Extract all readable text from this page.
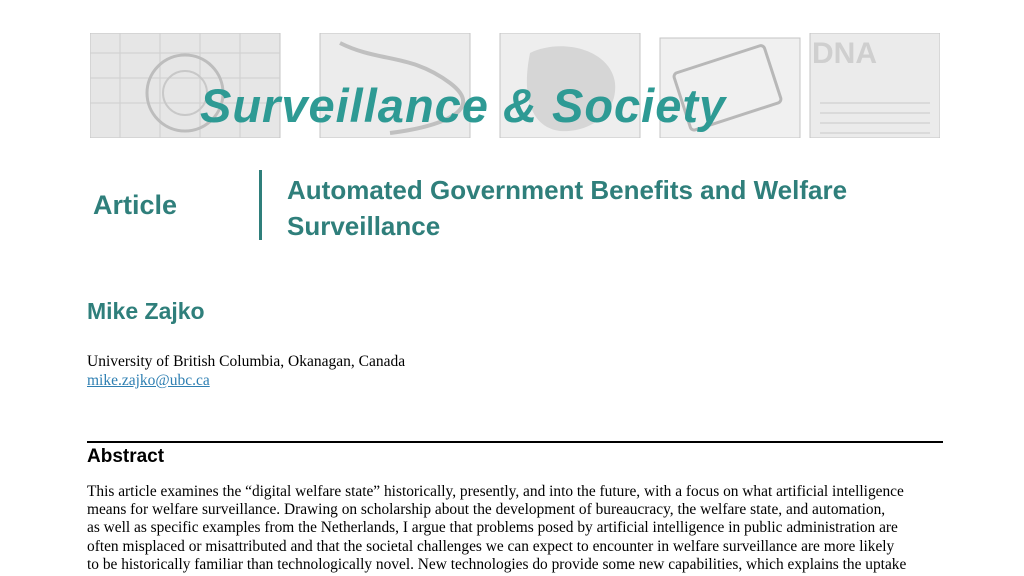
DNA
Surveillance & Society
Article	Automated Government Benefits and Welfare Surveillance
Mike Zajko
University of British Columbia, Okanagan, Canada
mike.zajko@ubc.ca
Abstract
This article examines the “digital welfare state” historically, presently, and into the future, with a focus on what artificial intelligence
means for welfare surveillance. Drawing on scholarship about the development of bureaucracy, the welfare state, and automation,
as well as specific examples from the Netherlands, I argue that problems posed by artificial intelligence in public administration are
often misplaced or misattributed and that the societal challenges we can expect to encounter in welfare surveillance are more likely
to be historically familiar than technologically novel. New technologies do provide some new capabilities, which explains the uptake
